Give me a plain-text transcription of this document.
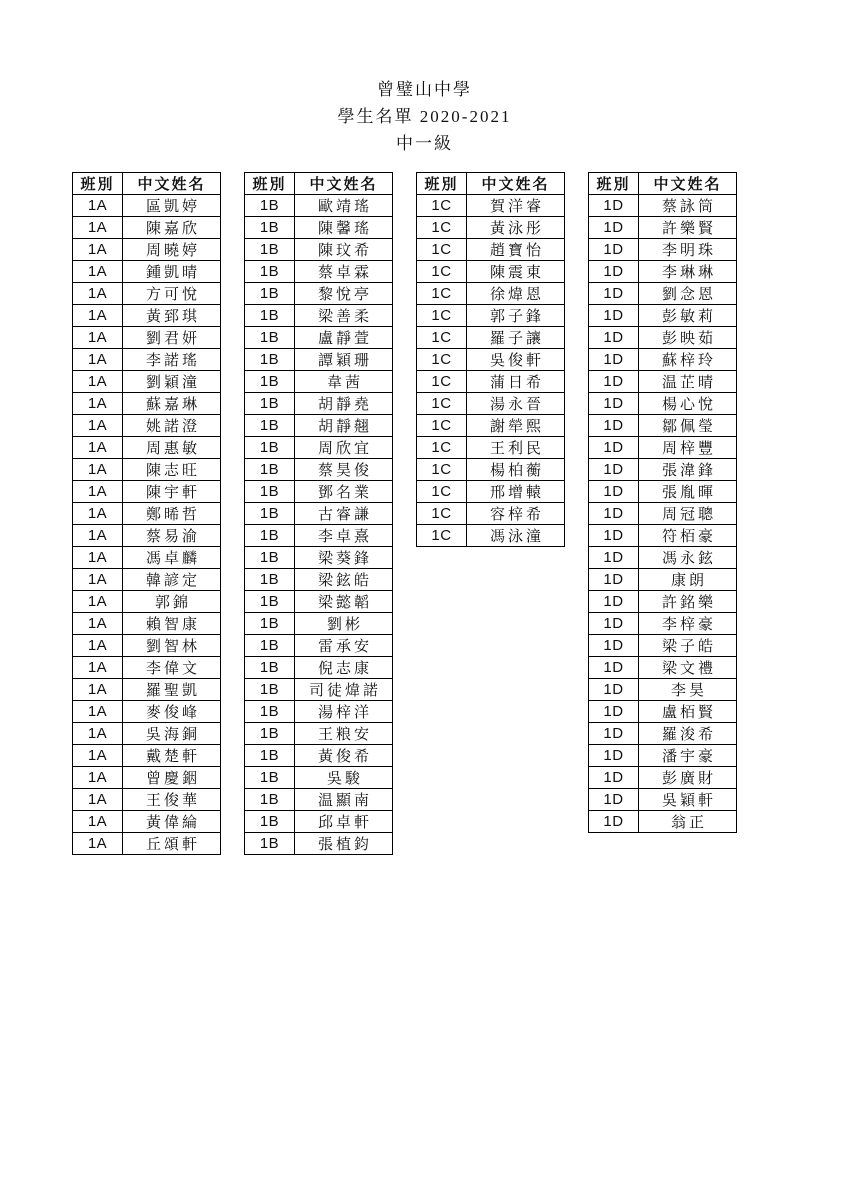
曾璧山中學
學生名單 2020-2021
中一級
班別	中文姓名
1A	區凱婷
1A	陳嘉欣
1A	周曉婷
1A	鍾凱晴
1A	方可悅
1A	黃郅琪
1A	劉君妍
1A	李諾瑤
1A	劉穎潼
1A	蘇嘉琳
1A	姚諾澄
1A	周惠敏
1A	陳志旺
1A	陳宇軒
1A	鄭晞哲
1A	蔡易渝
1A	馮卓麟
1A	韓諺定
1A	郭錦
1A	賴智康
1A	劉智林
1A	李偉文
1A	羅聖凱
1A	麥俊峰
1A	吳海銅
1A	戴楚軒
1A	曾慶銦
1A	王俊華
1A	黃偉綸
1A	丘頌軒
班別	中文姓名
1B	歐靖瑤
1B	陳馨瑤
1B	陳玟希
1B	蔡卓霖
1B	黎悅亭
1B	梁善柔
1B	盧靜萱
1B	譚穎珊
1B	韋茜
1B	胡靜堯
1B	胡靜翹
1B	周欣宜
1B	蔡昊俊
1B	鄧名業
1B	古睿謙
1B	李卓熹
1B	梁葵鋒
1B	梁鉉皓
1B	梁懿韜
1B	劉彬
1B	雷承安
1B	倪志康
1B	司徒煒諾
1B	湯梓洋
1B	王粮安
1B	黃俊希
1B	吳駿
1B	温顯南
1B	邱卓軒
1B	張植鈞
班別	中文姓名
1C	賀洋睿
1C	黃泳彤
1C	趙寶怡
1C	陳震東
1C	徐煒恩
1C	郭子鋒
1C	羅子讓
1C	吳俊軒
1C	蒲日希
1C	湯永晉
1C	謝犖熙
1C	王利民
1C	楊柏蘅
1C	邢增轅
1C	容梓希
1C	馮泳潼
班別	中文姓名
1D	蔡詠筒
1D	許樂賢
1D	李明珠
1D	李琳琳
1D	劉念恩
1D	彭敏莉
1D	彭映茹
1D	蘇梓玲
1D	温芷晴
1D	楊心悅
1D	鄒佩瑩
1D	周梓豐
1D	張湋鋒
1D	張胤暉
1D	周冠聰
1D	符栢豪
1D	馮永鉉
1D	康朗
1D	許銘樂
1D	李梓豪
1D	梁子皓
1D	梁文禮
1D	李昊
1D	盧栢賢
1D	羅浚希
1D	潘宇豪
1D	彭廣財
1D	吳穎軒
1D	翁正
